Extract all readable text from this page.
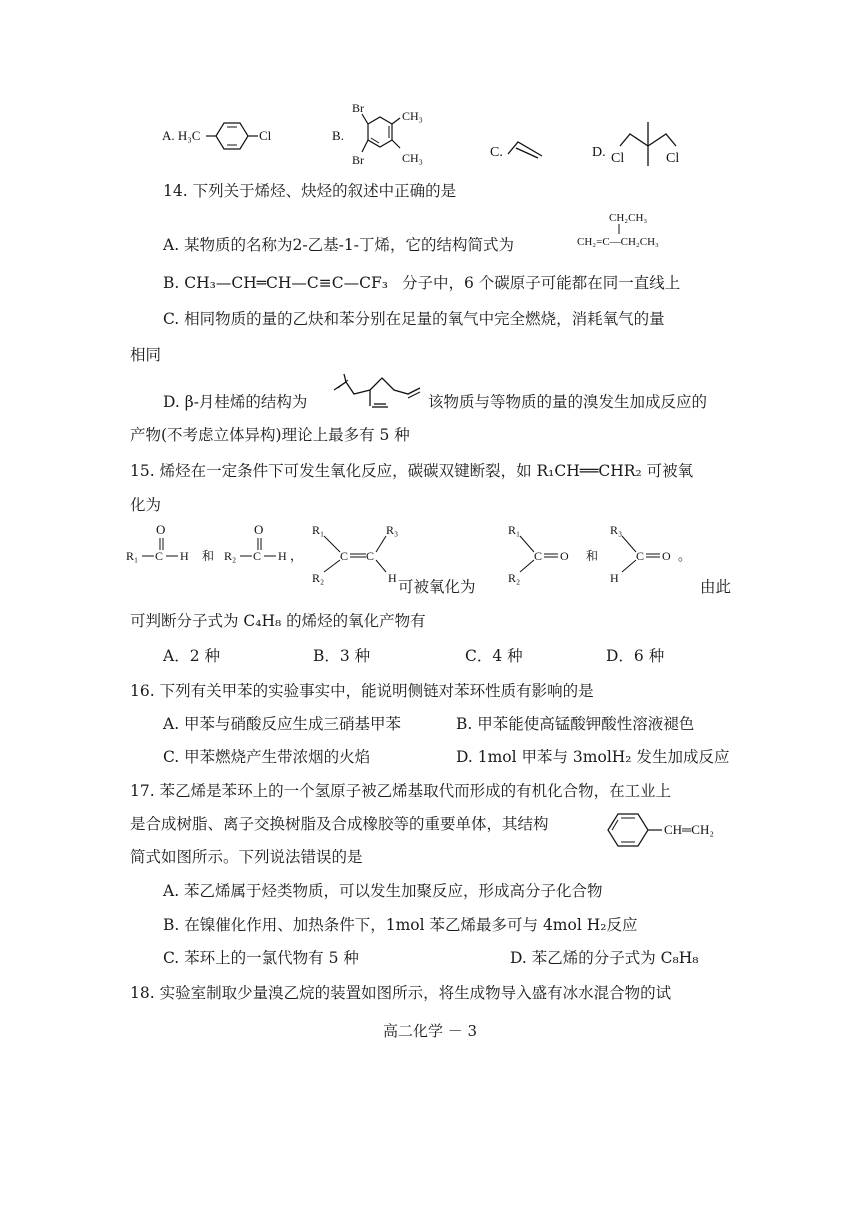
A. H₃C	Cl	B.
Br
Br
CH₃
CH₃	C.	D. Cl	Cl
14. 下列关于烯烃、炔烃的叙述中正确的是
A. 某物质的名称为2-乙基-1-丁烯，它的结构简式为
CH₂CH₃
CH₂=C—CH₂CH₃
B. CH₃—CH═CH—C≡C—CF₃ 分子中，6 个碳原子可能都在同一直线上
C. 相同物质的量的乙炔和苯分别在足量的氧气中完全燃烧，消耗氧气的量
相同
D. β-月桂烯的结构为	该物质与等物质的量的溴发生加成反应的
产物(不考虑立体异构)理论上最多有 5 种
15. 烯烃在一定条件下可发生氧化反应，碳碳双键断裂，如 R₁CH══CHR₂ 可被氧
化为
O
R₁ C H 和
O
R₂ C H ，
R₁	R₃
R₂	H
C C
R₁
R₂
C O 和
R₃
H
C O 。
可被氧化为	由此
可判断分子式为 C₄H₈ 的烯烃的氧化产物有
A．2 种	B．3 种	C．4 种	D．6 种
16. 下列有关甲苯的实验事实中，能说明侧链对苯环性质有影响的是
A. 甲苯与硝酸反应生成三硝基甲苯	B. 甲苯能使高锰酸钾酸性溶液褪色
C. 甲苯燃烧产生带浓烟的火焰	D. 1mol 甲苯与 3molH₂ 发生加成反应
17. 苯乙烯是苯环上的一个氢原子被乙烯基取代而形成的有机化合物，在工业上
是合成树脂、离子交换树脂及合成橡胶等的重要单体，其结构	CH═CH₂
简式如图所示。下列说法错误的是
A. 苯乙烯属于烃类物质，可以发生加聚反应，形成高分子化合物
B. 在镍催化作用、加热条件下，1mol 苯乙烯最多可与 4mol H₂反应
C. 苯环上的一氯代物有 5 种	D. 苯乙烯的分子式为 C₈H₈
18. 实验室制取少量溴乙烷的装置如图所示，将生成物导入盛有冰水混合物的试
高二化学 － 3
